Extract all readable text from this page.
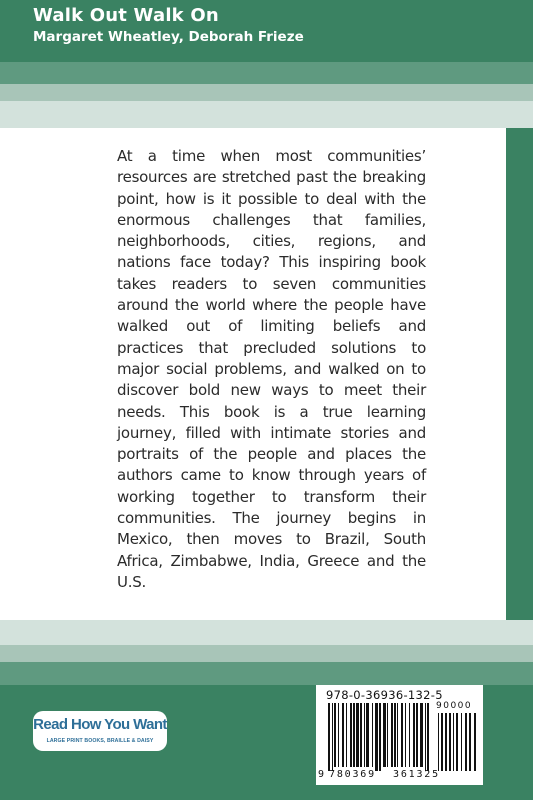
Walk Out Walk On
Margaret Wheatley, Deborah Frieze

At a time when most communities’ resources are stretched past the breaking point, how is it possible to deal with the enormous challenges that families, neighborhoods, cities, regions, and nations face today? This inspiring book takes readers to seven communities around the world where the people have walked out of limiting beliefs and practices that precluded solutions to major social problems, and walked on to discover bold new ways to meet their needs. This book is a true learning journey, filled with intimate stories and portraits of the people and places the authors came to know through years of working together to transform their communities. The journey begins in Mexico, then moves to Brazil, South Africa, Zimbabwe, India, Greece and the U.S.

Read How You Want
LARGE PRINT BOOKS, BRAILLE & DAISY
978-0-36936-132-5
90000
9 780369 361325
